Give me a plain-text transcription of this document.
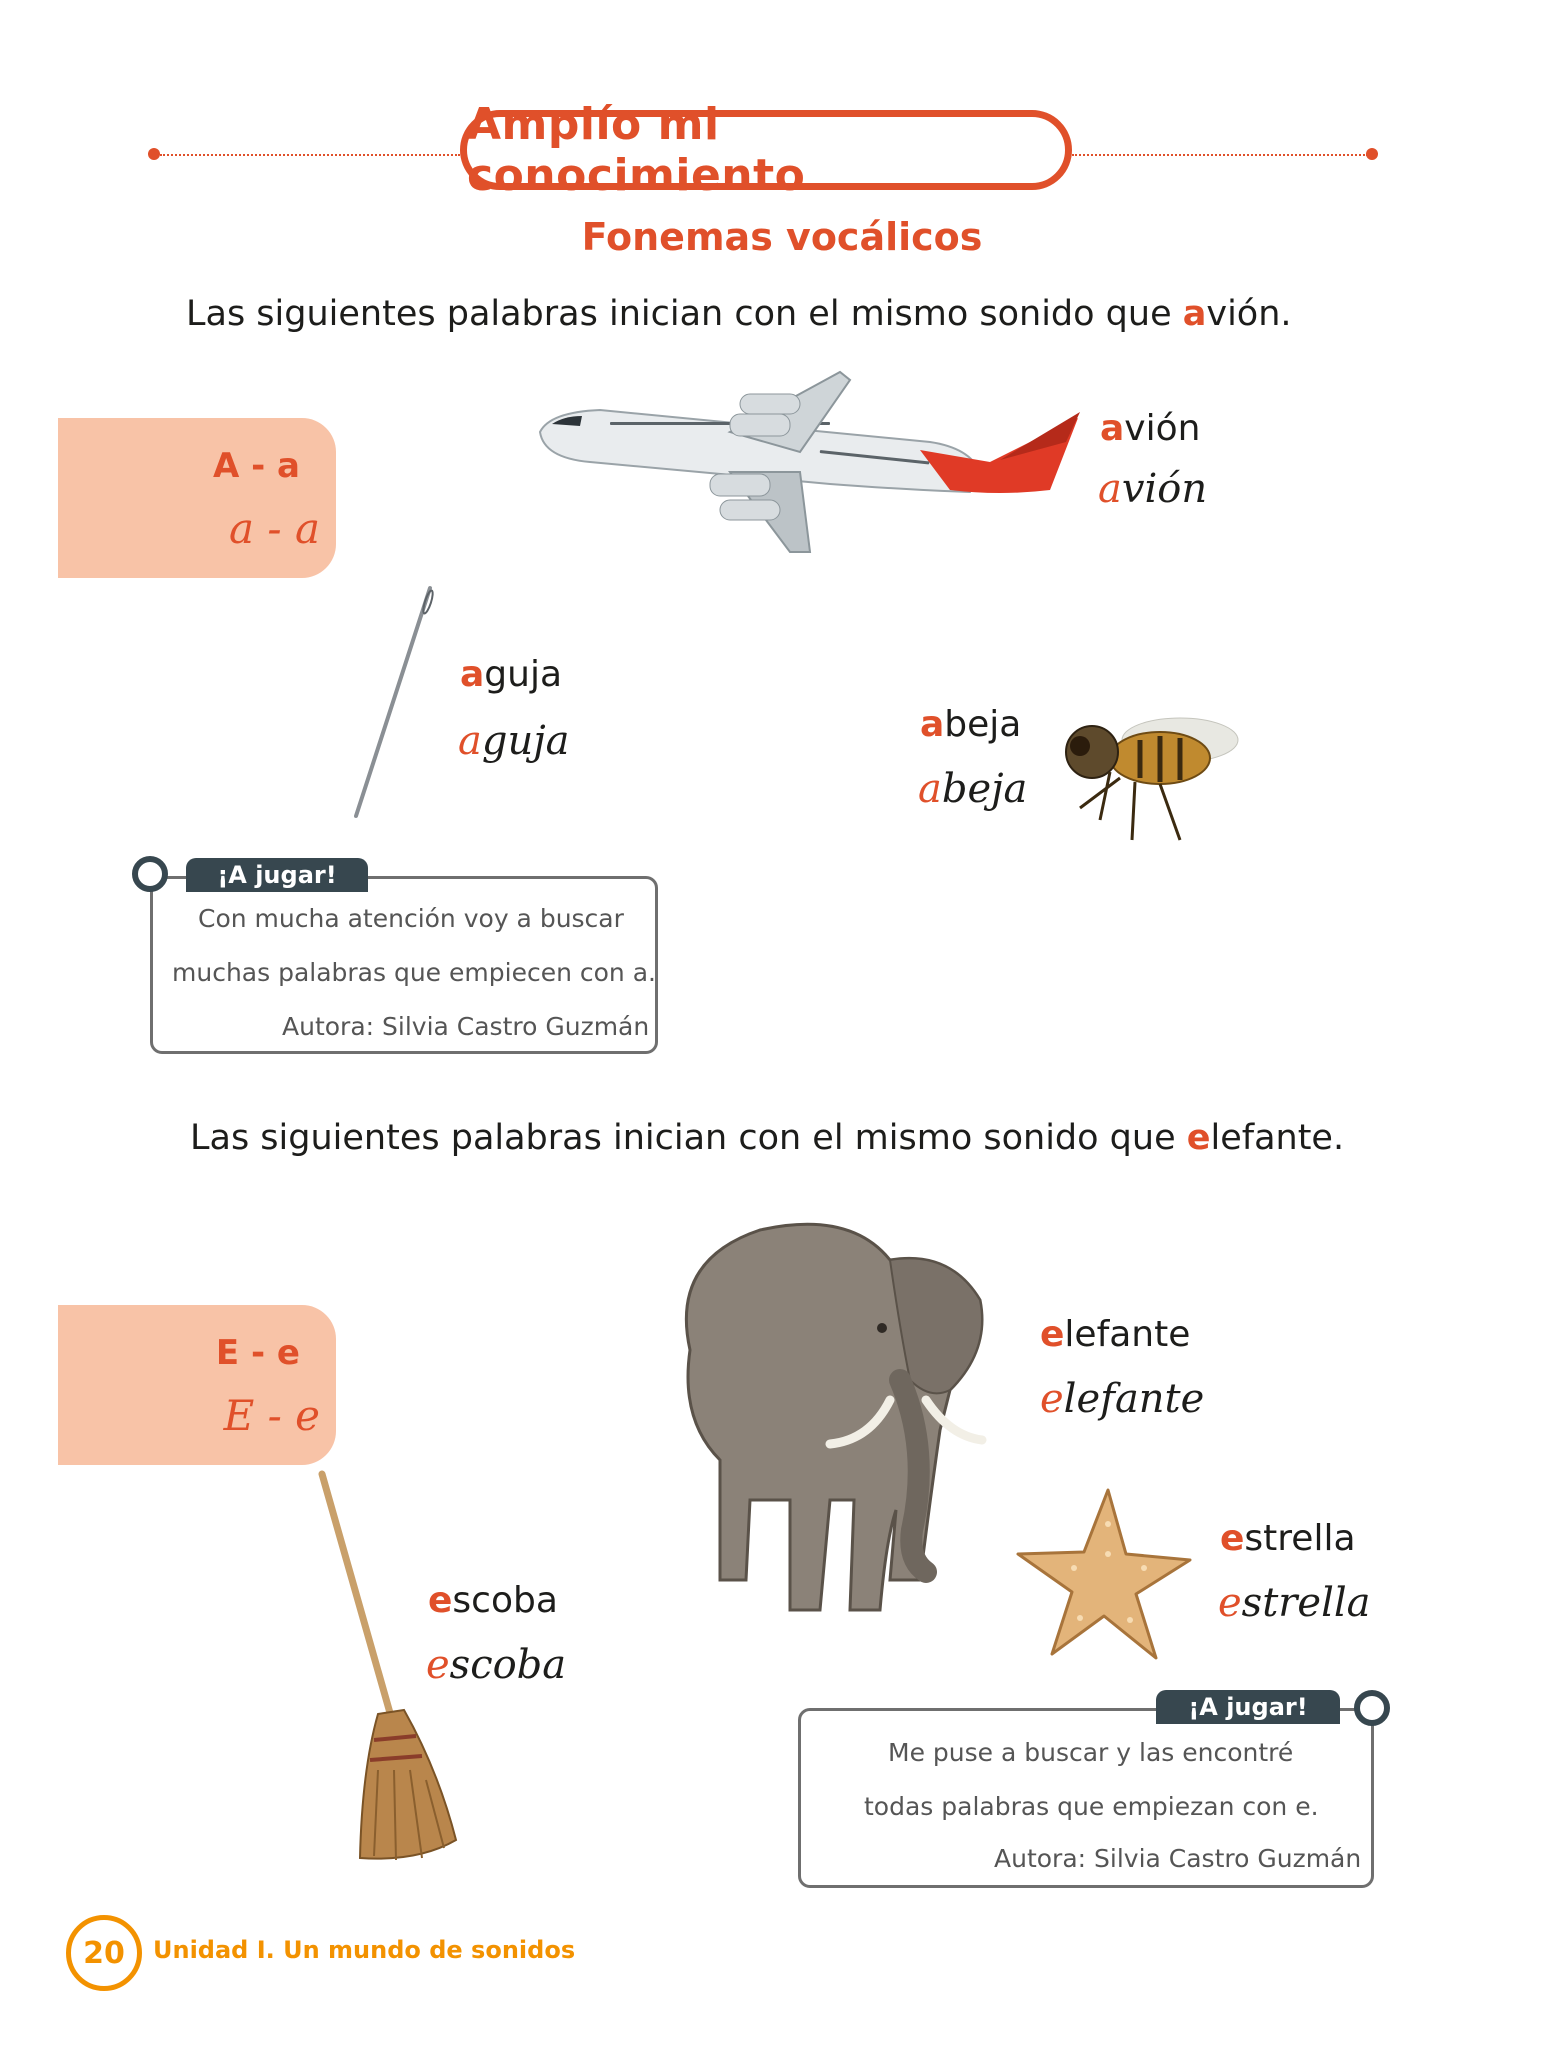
Amplío mi conocimiento
Fonemas vocálicos
Las siguientes palabras inician con el mismo sonido que avión.
A - a
a - a
avión
avión
aguja
aguja	abeja
abeja
¡A jugar!
Con mucha atención voy a buscar
muchas palabras que empiecen con a.
Autora: Silvia Castro Guzmán
Las siguientes palabras inician con el mismo sonido que elefante.
E - e
E - e
elefante
elefante
estrella
estrella
escoba
escoba
¡A jugar!
Me puse a buscar y las encontré
todas palabras que empiezan con e.
Autora: Silvia Castro Guzmán
20	Unidad I. Un mundo de sonidos
